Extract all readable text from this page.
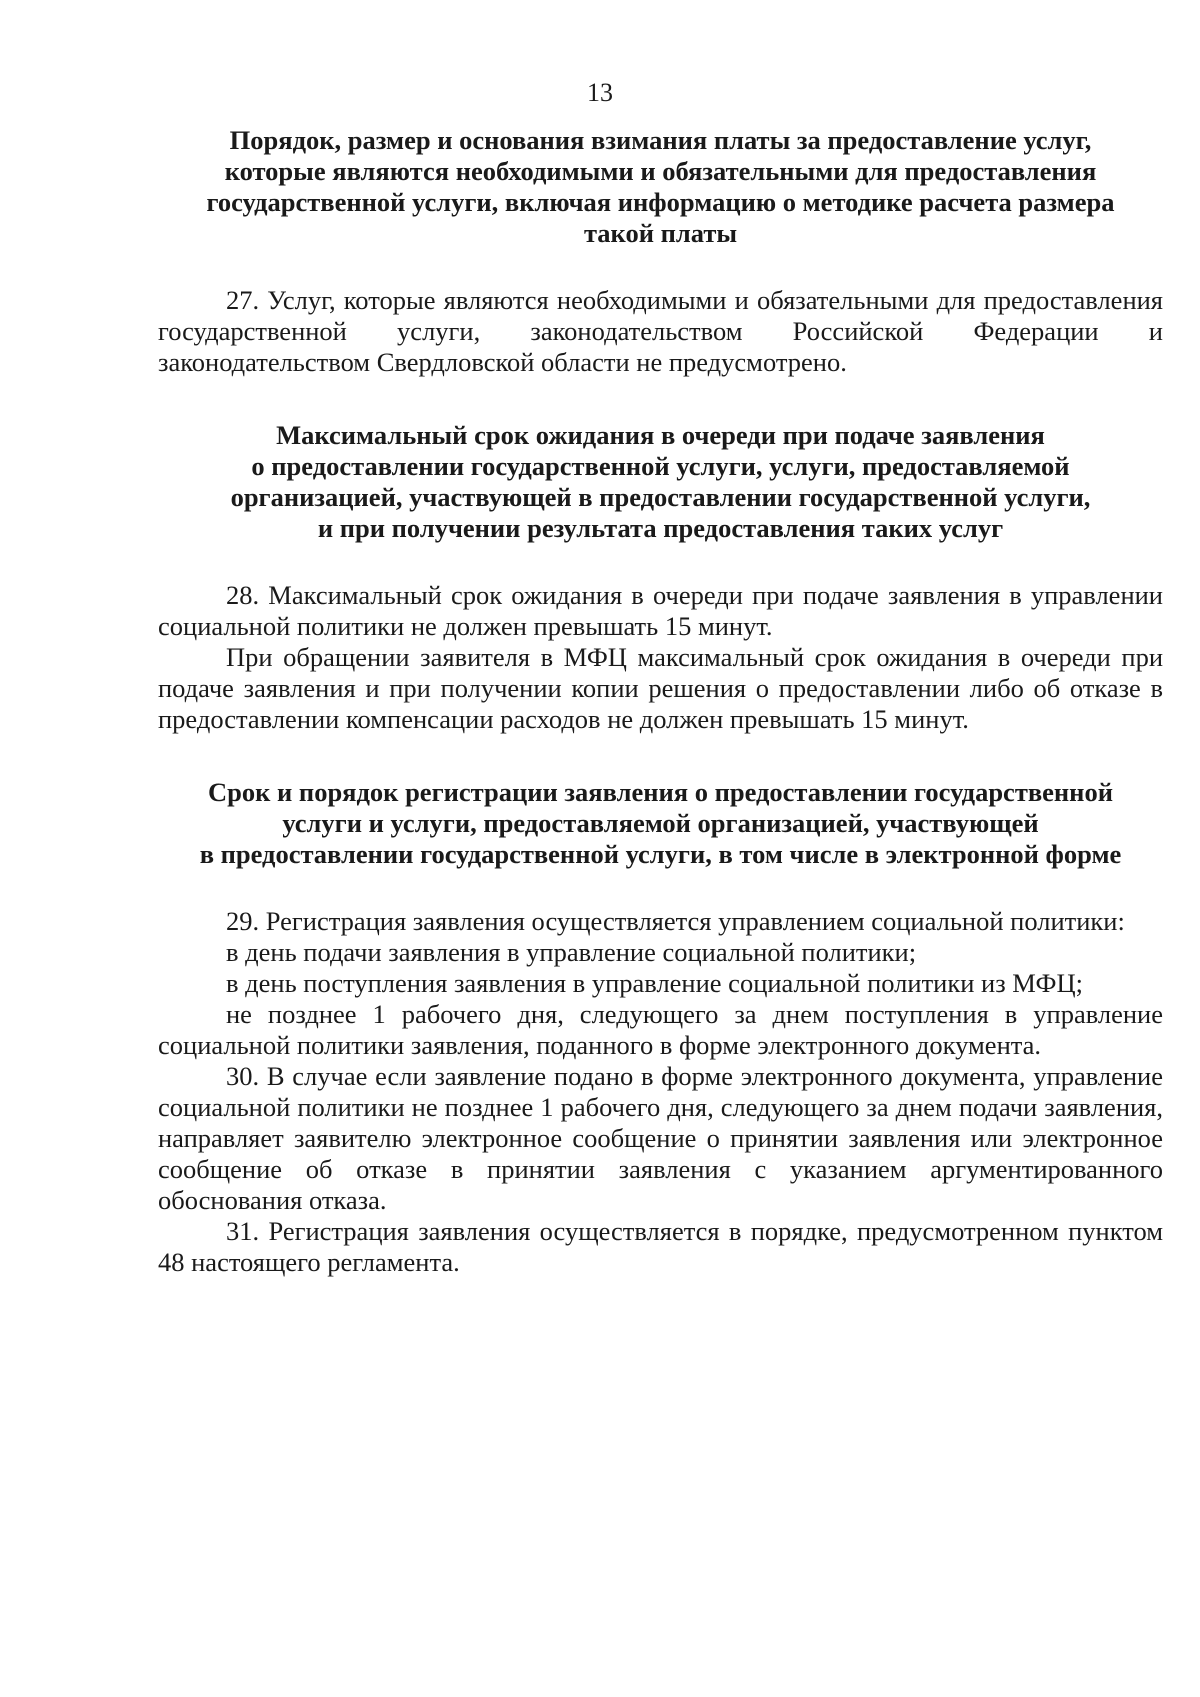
13

Порядок, размер и основания взимания платы за предоставление услуг,
которые являются необходимыми и обязательными для предоставления
государственной услуги, включая информацию о методике расчета размера
такой платы

27. Услуг, которые являются необходимыми и обязательными для предоставления государственной услуги, законодательством Российской Федерации и законодательством Свердловской области не предусмотрено.

Максимальный срок ожидания в очереди при подаче заявления
о предоставлении государственной услуги, услуги, предоставляемой
организацией, участвующей в предоставлении государственной услуги,
и при получении результата предоставления таких услуг

28. Максимальный срок ожидания в очереди при подаче заявления в управлении социальной политики не должен превышать 15 минут.

При обращении заявителя в МФЦ максимальный срок ожидания в очереди при подаче заявления и при получении копии решения о предоставлении либо об отказе в предоставлении компенсации расходов не должен превышать 15 минут.

Срок и порядок регистрации заявления о предоставлении государственной
услуги и услуги, предоставляемой организацией, участвующей
в предоставлении государственной услуги, в том числе в электронной форме

29. Регистрация заявления осуществляется управлением социальной политики:

в день подачи заявления в управление социальной политики;

в день поступления заявления в управление социальной политики из МФЦ;

не позднее 1 рабочего дня, следующего за днем поступления в управление социальной политики заявления, поданного в форме электронного документа.

30. В случае если заявление подано в форме электронного документа, управление социальной политики не позднее 1 рабочего дня, следующего за днем подачи заявления, направляет заявителю электронное сообщение о принятии заявления или электронное сообщение об отказе в принятии заявления с указанием аргументированного обоснования отказа.

31. Регистрация заявления осуществляется в порядке, предусмотренном пунктом 48 настоящего регламента.
